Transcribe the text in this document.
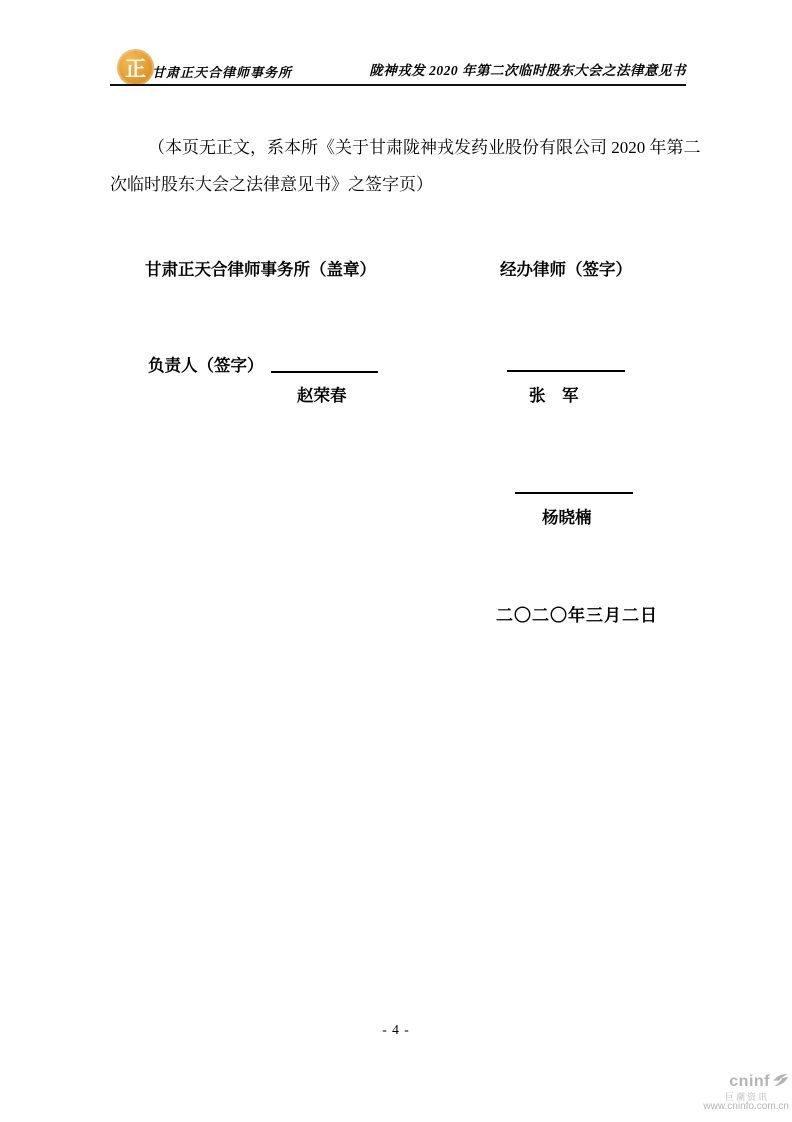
正 甘肃正天合律师事务所	陇神戎发 2020 年第二次临时股东大会之法律意见书
（本页无正文，系本所《关于甘肃陇神戎发药业股份有限公司 2020 年第二
次临时股东大会之法律意见书》之签字页）
甘肃正天合律师事务所（盖章）	经办律师（签字）
负责人（签字）
赵荣春	张　军
杨晓楠
二〇二〇年三月二日
- 4 -
cninf
巨潮资讯
www.cninfo.com.cn
